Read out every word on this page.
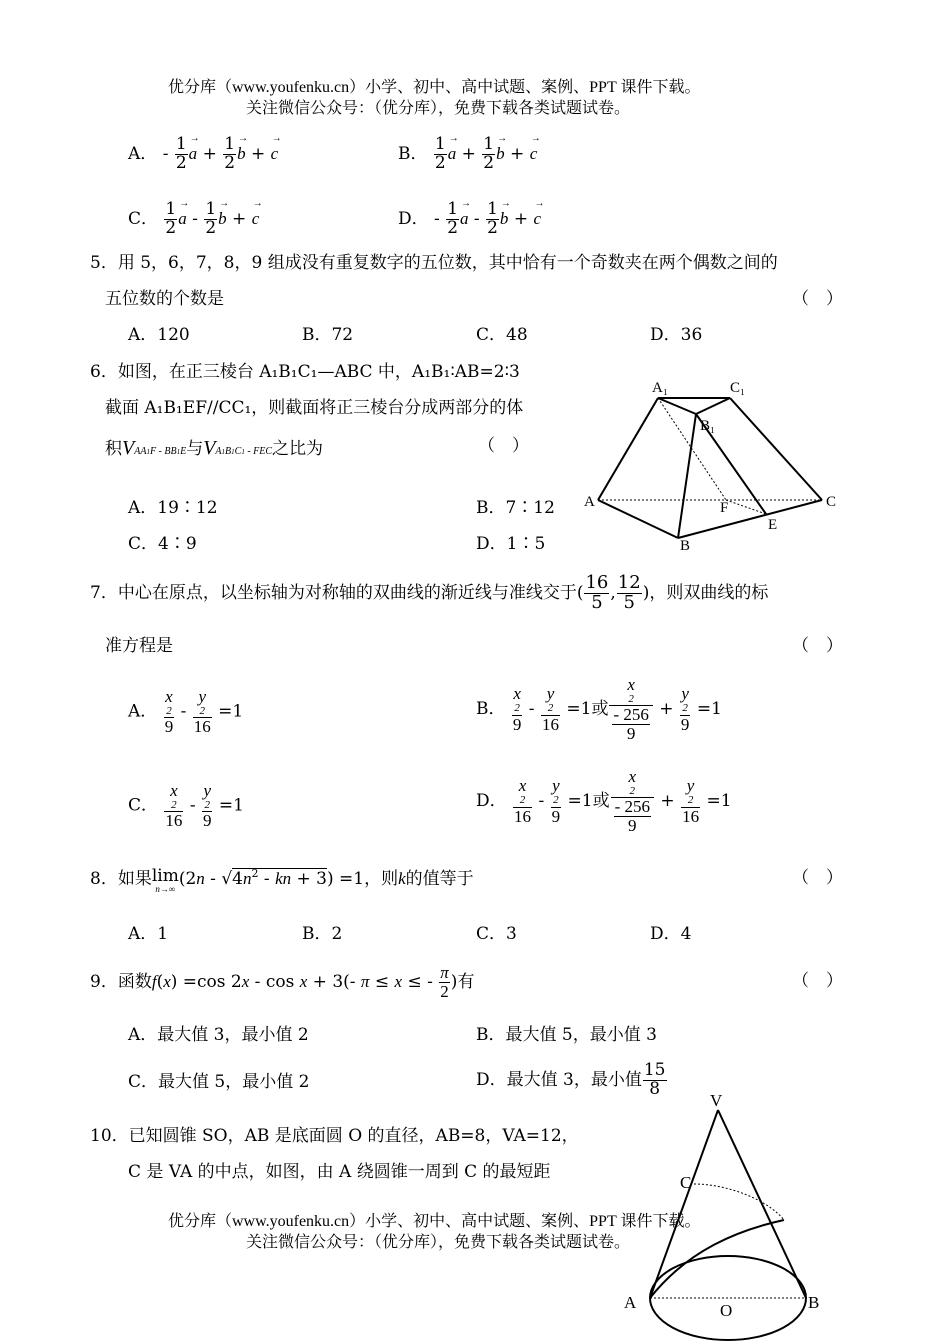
优分库（www.youfenku.cn）小学、初中、高中试题、案例、PPT 课件下载。
关注微信公众号：（优分库），免费下载各类试题试卷。
A． - $\frac{1}{2}$
→ $a + \frac{1}{2}$
→ b + → c	B． $\frac{1}{2}$
→ $a + \frac{1}{2}$
→ b + → c
C． $\frac{1}{2}$
→ a - $\frac{1}{2}$
→ b + → c	D． - $\frac{1}{2}$
→ a - $\frac{1}{2}$
→ b + → c
5．用 5，6，7，8，9 组成没有重复数字的五位数，其中恰有一个奇数夹在两个偶数之间的
五位数的个数是	（　）
A．120	B．72	C．48	D．36
6．如图，在正三棱台 A₁B₁C₁—ABC 中，A₁B₁∶AB=2∶3
截面 A₁B₁EF//CC₁，则截面将正三棱台分成两部分的体
积VAA1F - BB1E与VA1B1C1 - FEC之比为	（　）
A．19∶12	B．7∶12
C．4∶9	D．1∶5
A₁	C₁
B₁
A	C
F
E
B
7．中心在原点，以坐标轴为对称轴的双曲线的渐近线与准线交于( $\frac{16}{5}$ , $\frac{12}{5}$ )，则双曲线的标
准方程是	（　）
A． x
2
9 - y
2
16 =1	B． x
2
9 - y
2
16 =1或 x
2
- 256
9 + y
2
9 =1
C． x
2
16 - y
2
9 =1	D． x
2
16 - y
2
9 =1或 x
2
- 256
9 + y
2
16 =1
8．如果 lim
n→∞ ($2n - √4n^2$ - kn + 3) =1，则k的值等于	（　）
A．1	B．2	C．3	D．4
9．函数f(x) =cos 2x - cos x + 3(- π ≤ x ≤ - $\frac{\pi}{2}$ )有	（　）
A．最大值 3，最小值 2	B．最大值 5，最小值 3
C．最大值 5，最小值 2	D．最大值 3，最小值 $\frac{15}{8}$
10．已知圆锥 SO，AB 是底面圆 O 的直径，AB=8，VA=12，
C 是 VA 的中点，如图，由 A 绕圆锥一周到 C 的最短距
V
C
A	O	B
优分库（www.youfenku.cn）小学、初中、高中试题、案例、PPT 课件下载。
关注微信公众号：（优分库），免费下载各类试题试卷。
